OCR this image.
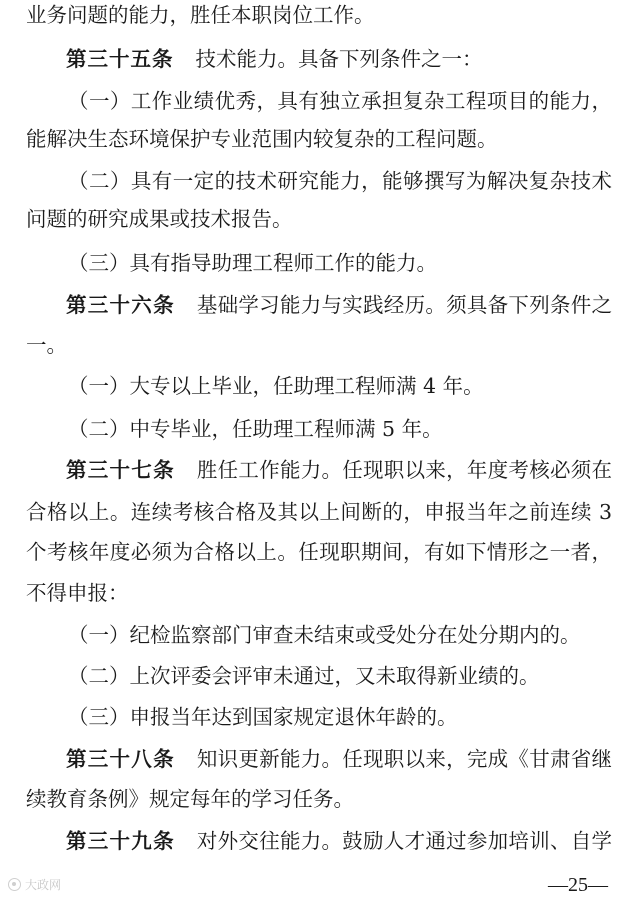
业务问题的能力，胜任本职岗位工作。
第三十五条 技术能力。具备下列条件之一：
（一）工作业绩优秀，具有独立承担复杂工程项目的能力，
能解决生态环境保护专业范围内较复杂的工程问题。
（二）具有一定的技术研究能力，能够撰写为解决复杂技术
问题的研究成果或技术报告。
（三）具有指导助理工程师工作的能力。
第三十六条 基础学习能力与实践经历。须具备下列条件之
一。
（一）大专以上毕业，任助理工程师满 4 年。
（二）中专毕业，任助理工程师满 5 年。
第三十七条 胜任工作能力。任现职以来，年度考核必须在
合格以上。连续考核合格及其以上间断的，申报当年之前连续 3
个考核年度必须为合格以上。任现职期间，有如下情形之一者，
不得申报：
（一）纪检监察部门审查未结束或受处分在处分期内的。
（二）上次评委会评审未通过，又未取得新业绩的。
（三）申报当年达到国家规定退休年龄的。
第三十八条 知识更新能力。任现职以来，完成《甘肃省继
续教育条例》规定每年的学习任务。
第三十九条 对外交往能力。鼓励人才通过参加培训、自学
大政网	—25—
